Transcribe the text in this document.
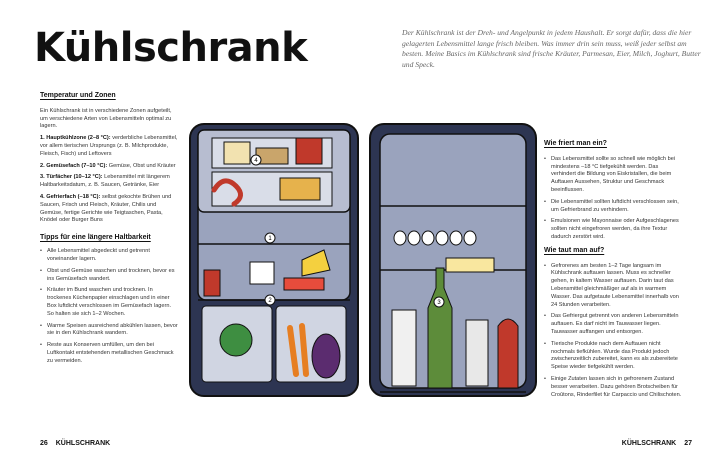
Kühlschrank	Der Kühlschrank ist der Dreh- und Angelpunkt in jedem Haushalt. Er sorgt dafür, dass die hier gelagerten Lebensmittel lange frisch bleiben. Was immer drin sein muss, weiß jeder selbst am besten. Meine Basics im Kühlschrank sind frische Kräuter, Parmesan, Eier, Milch, Joghurt, Butter und Speck.
Temperatur und Zonen

Ein Kühlschrank ist in verschiedene Zonen aufgeteilt, um verschiedene Arten von Lebensmitteln optimal zu lagern.

1. Hauptkühlzone (2–8 °C): verderbliche Lebensmittel, vor allem tierischen Ursprungs (z. B. Milchprodukte, Fleisch, Fisch) und Leftovers

2. Gemüsefach (7–10 °C): Gemüse, Obst und Kräuter

3. Türfächer (10–12 °C): Lebensmittel mit längerem Haltbarkeitsdatum, z. B. Saucen, Getränke, Eier

4. Gefrierfach (–18 °C): selbst gekochte Brühen und Saucen, Frisch und Fleisch, Kräuter, Chilis und Gemüse, fertige Gerichte wie Teigtaschen, Pasta, Knödel oder Burger Buns

Tipps für eine längere Haltbarkeit
• Alle Lebensmittel abgedeckt und getrennt voneinander lagern.
• Obst und Gemüse waschen und trocknen, bevor es ins Gemüsefach wandert.
• Kräuter im Bund waschen und trocknen. In trockenes Küchenpapier einschlagen und in einer Box luftdicht verschlossen im Gemüsefach lagern. So halten sie sich 1–2 Wochen.
• Warme Speisen ausreichend abkühlen lassen, bevor sie in den Kühlschrank wandern.
• Reste aus Konserven umfüllen, um den bei Luftkontakt entstehenden metallischen Geschmack zu vermeiden.
Wie friert man ein?
• Das Lebensmittel sollte so schnell wie möglich bei mindestens –18 °C tiefgekühlt werden. Das verhindert die Bildung von Eiskristallen, die beim Auftauen Aussehen, Struktur und Geschmack beeinflussen.
• Die Lebensmittel sollten luftdicht verschlossen sein, um Gefrierbrand zu verhindern.
• Emulsionen wie Mayonnaise oder Aufgeschlagenes sollten nicht eingefroren werden, da ihre Textur dadurch zerstört wird.
Wie taut man auf?
• Gefrorenes am besten 1–2 Tage langsam im Kühlschrank auftauen lassen. Muss es schneller gehen, in kaltem Wasser auftauen. Darin taut das Lebensmittel gleichmäßiger auf als in warmem Wasser. Das aufgetaute Lebensmittel innerhalb von 24 Stunden verarbeiten.
• Das Gefriergut getrennt von anderen Lebensmitteln auftauen. Es darf nicht im Tauwasser liegen. Tauwasser auffangen und entsorgen.
• Tierische Produkte nach dem Auftauen nicht nochmals tiefkühlen. Wurde das Produkt jedoch zwischenzeitlich zubereitet, kann es als zubereitete Speise wieder tiefgekühlt werden.
• Einige Zutaten lassen sich in gefrorenem Zustand besser verarbeiten. Dazu gehören Brotscheiben für Croûtons, Rinderfilet für Carpaccio und Chilischoten.
4
1
2	3
26 KÜHLSCHRANK	KÜHLSCHRANK 27
